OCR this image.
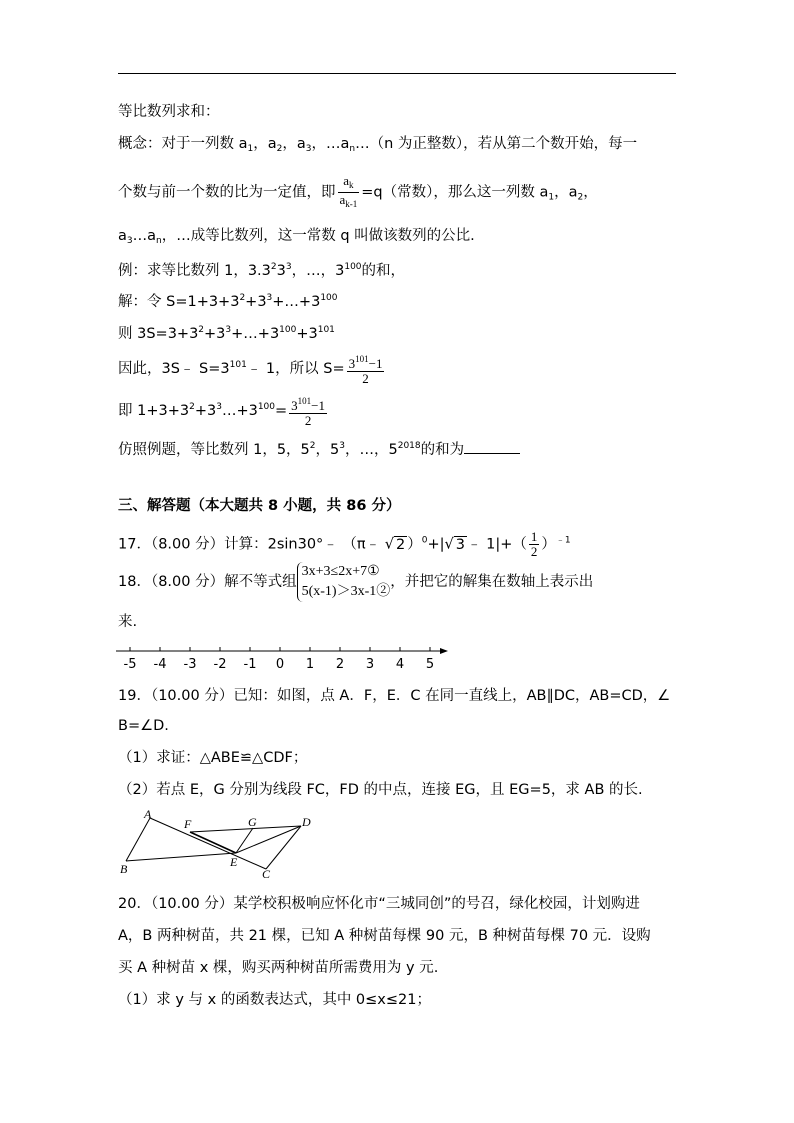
等比数列求和：
概念：对于一列数 $a_1$，$a_2$，$a_3$，$\dots a_n\dots(n$ 为正整数），若从第二个数开始，每一
个数与前一个数的比为一定值，即 $\frac{a_k}{a_{k-1}} =q$（常数），那么这一列数 $a_1$，$a_2$，
$a_3\dots a_n$，…成等比数列，这一常数 q 叫做该数列的公比.
例：求等比数列 1，$3.3^23^3$，…，$3^{100}$的和，
解：令 $S=1+3+3^2+3^3+\dots+3^{100}$
则 $3S=3+3^2+3^3+\dots+3^{100}+3^{101}$
因此，3S﹣ $S=3^{101}﹣$ 1，所以 $S= \frac{3^{101}-1}{2}$
即 $1+3+3^2+3^3\dots+3^{100}= \frac{3^{101}-1}{2}$
仿照例题，等比数列 1，5，$5^2$，$5^3$，…，$5^{2018}$的和为
三、解答题（本大题共 8 小题，共 86 分）
17．（8.00 分）计算：2sin30°﹣ （π﹣ √ 2 ）$^0$+|√ 3 ﹣ $1|+( \frac{1}{2} )^{﹣1}$
18．（8.00 分）解不等式组
3x+3≤2x+7①
5(x-1)＞3x-1②
，并把它的解集在数轴上表示出
来.
-5 -4 -3 -2 -1 0 1 2 3 4 5
19．（10.00 分）已知：如图，点 A．F，E．C 在同一直线上，AB∥DC，AB=CD，∠
B=∠D.
（1）求证：△ABE≌△CDF；
（2）若点 E，G 分别为线段 FC，FD 的中点，连接 EG，且 EG=5，求 AB 的长.
A
B	C
D
E
F	G
20．（10.00 分）某学校积极响应怀化市“三城同创”的号召，绿化校园，计划购进
A，B 两种树苗，共 21 棵，已知 A 种树苗每棵 90 元，B 种树苗每棵 70 元．设购
买 A 种树苗 x 棵，购买两种树苗所需费用为 y 元.
（1）求 y 与 x 的函数表达式，其中 0≤x≤21；
